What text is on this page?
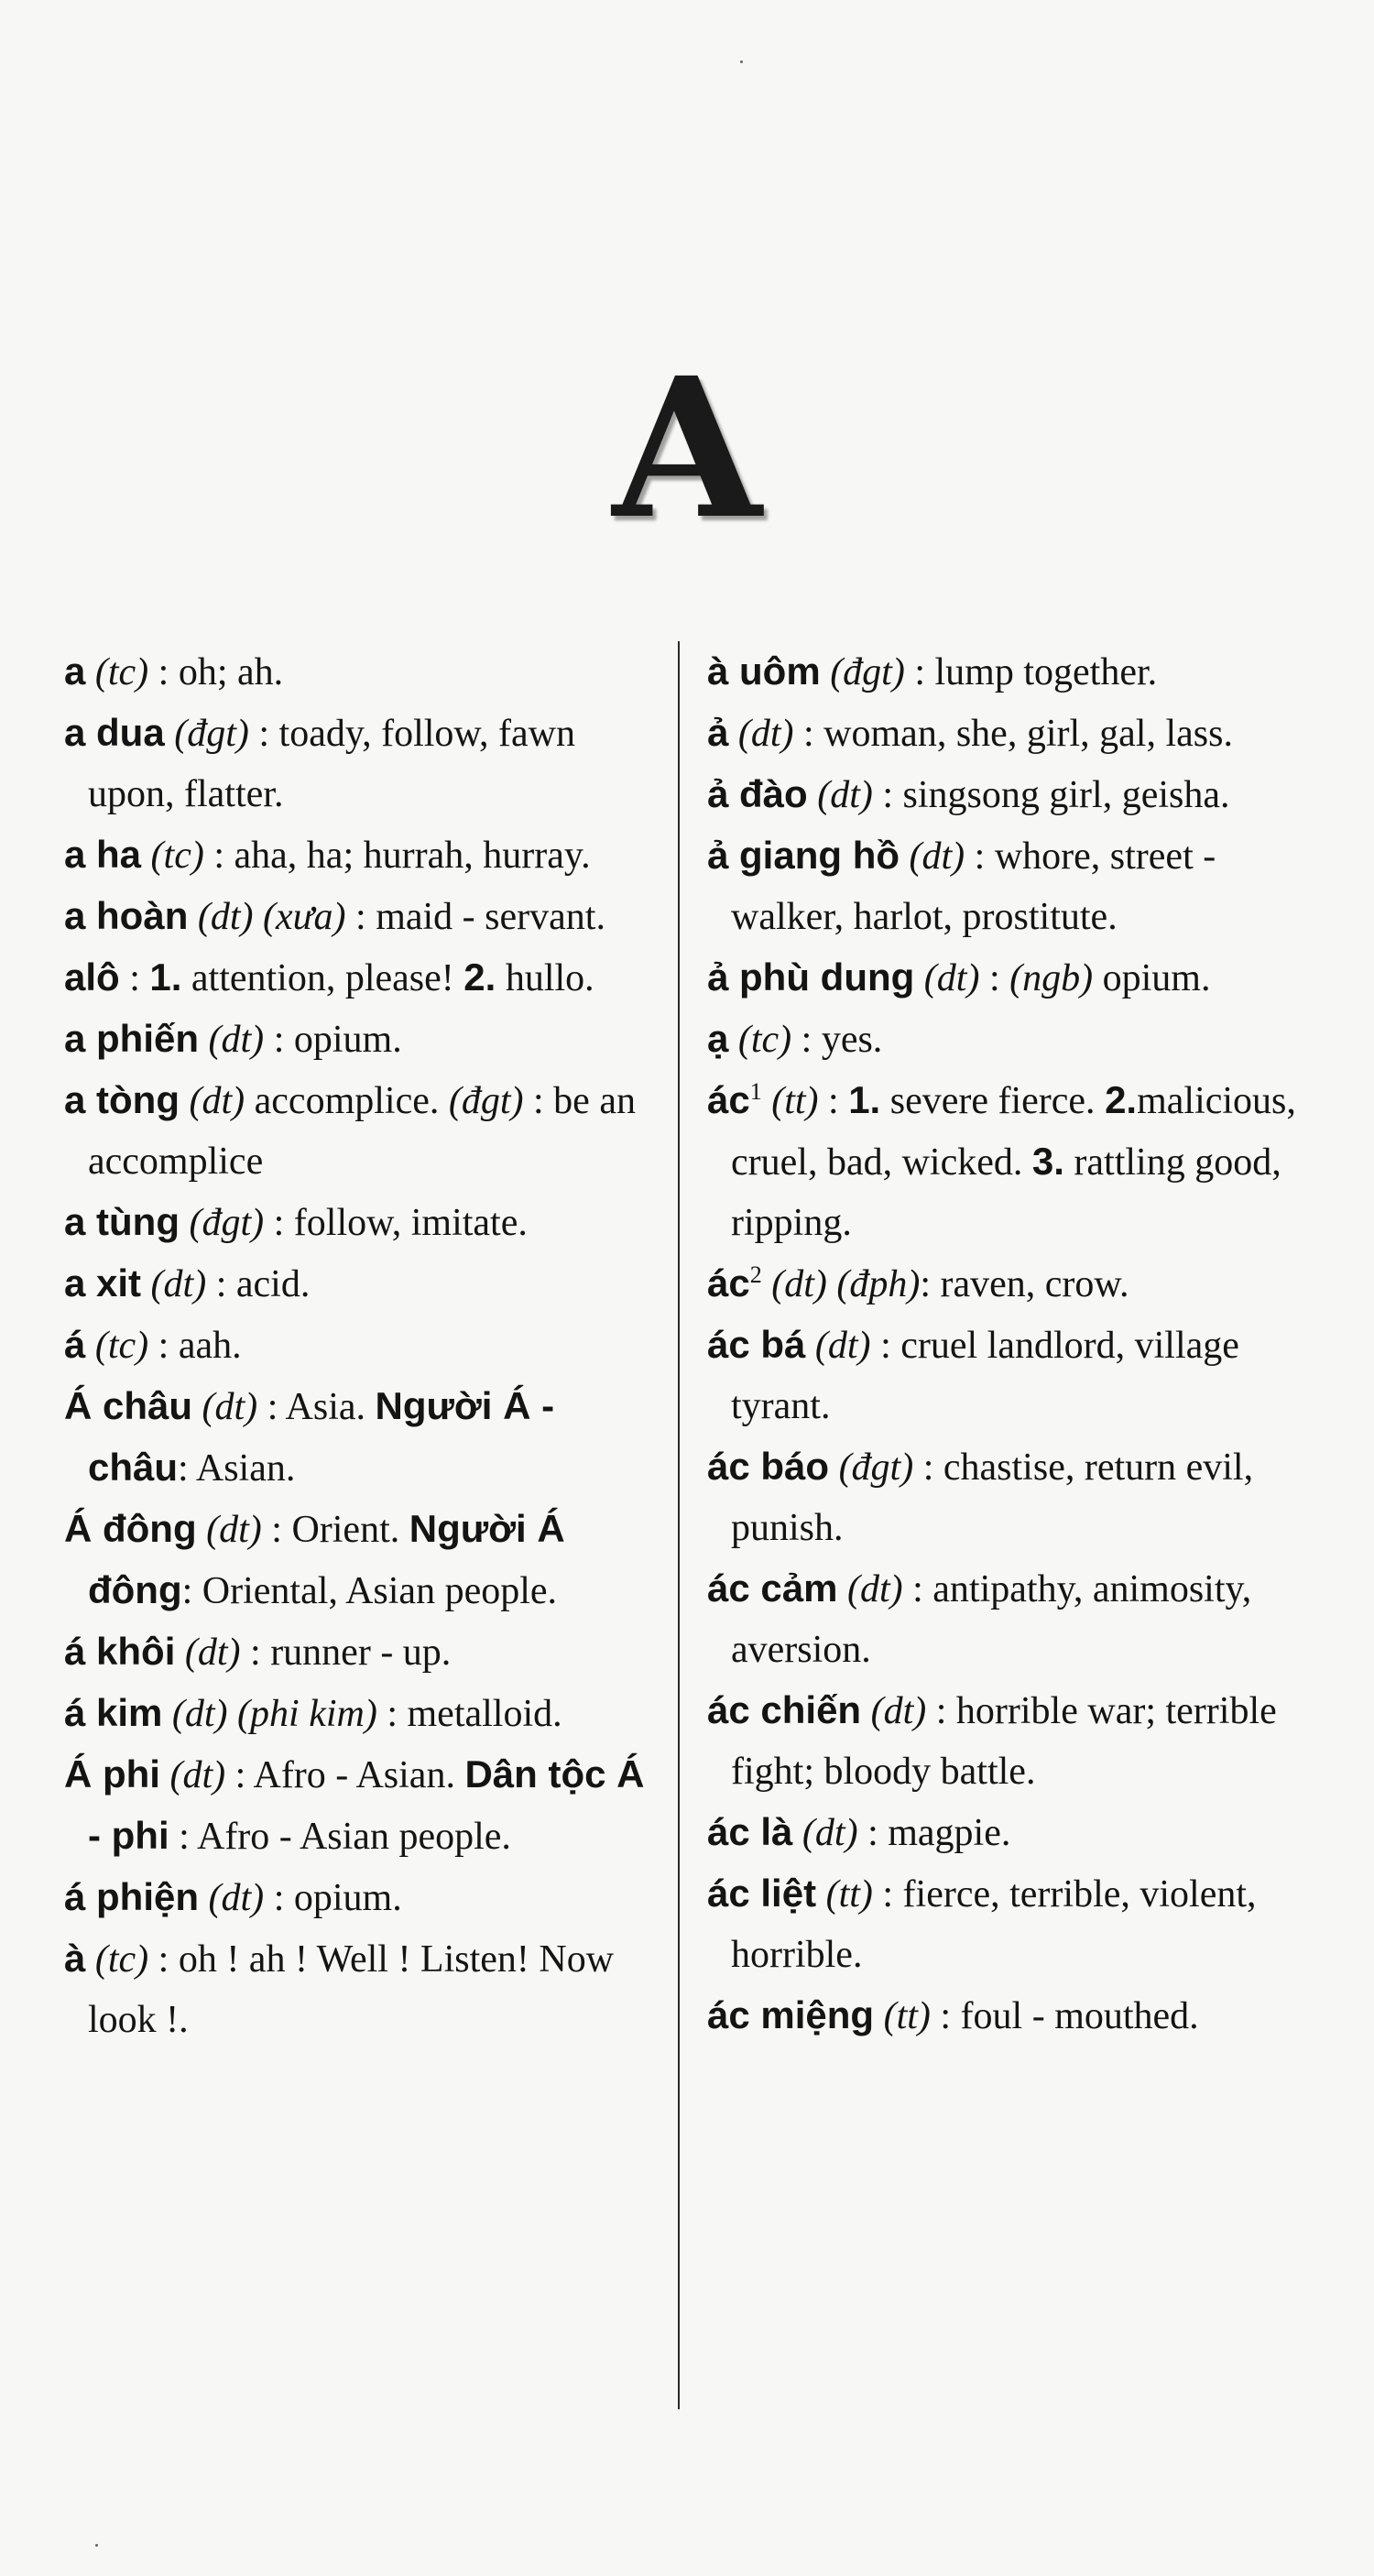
A
a (tc) : oh; ah.
a dua (đgt) : toady, follow, fawn upon, flatter.
a ha (tc) : aha, ha; hurrah, hurray.
a hoàn (dt) (xưa) : maid - servant.
alô : 1. attention, please! 2. hullo.
a phiến (dt) : opium.
a tòng (dt) accomplice. (đgt) : be an accomplice
a tùng (đgt) : follow, imitate.
a xit (dt) : acid.
á (tc) : aah.
Á châu (dt) : Asia. Người Á - châu: Asian.
Á đông (dt) : Orient. Người Á đông: Oriental, Asian people.
á khôi (dt) : runner - up.
á kim (dt) (phi kim) : metalloid.
Á phi (dt) : Afro - Asian. Dân tộc Á - phi : Afro - Asian people.
á phiện (dt) : opium.
à (tc) : oh ! ah ! Well ! Listen! Now look !.
à uôm (đgt) : lump together.
ả (dt) : woman, she, girl, gal, lass.
ả đào (dt) : singsong girl, geisha.
ả giang hồ (dt) : whore, street - walker, harlot, prostitute.
ả phù dung (dt) : (ngb) opium.
ạ (tc) : yes.
$ác^1$ (tt) : 1. severe fierce. 2.malicious, cruel, bad, wicked. 3. rattling good, ripping.
$ác^2$ (dt) (đph): raven, crow.
ác bá (dt) : cruel landlord, village tyrant.
ác báo (đgt) : chastise, return evil, punish.
ác cảm (dt) : antipathy, animosity, aversion.
ác chiến (dt) : horrible war; terrible fight; bloody battle.
ác là (dt) : magpie.
ác liệt (tt) : fierce, terrible, violent, horrible.
ác miệng (tt) : foul - mouthed.
